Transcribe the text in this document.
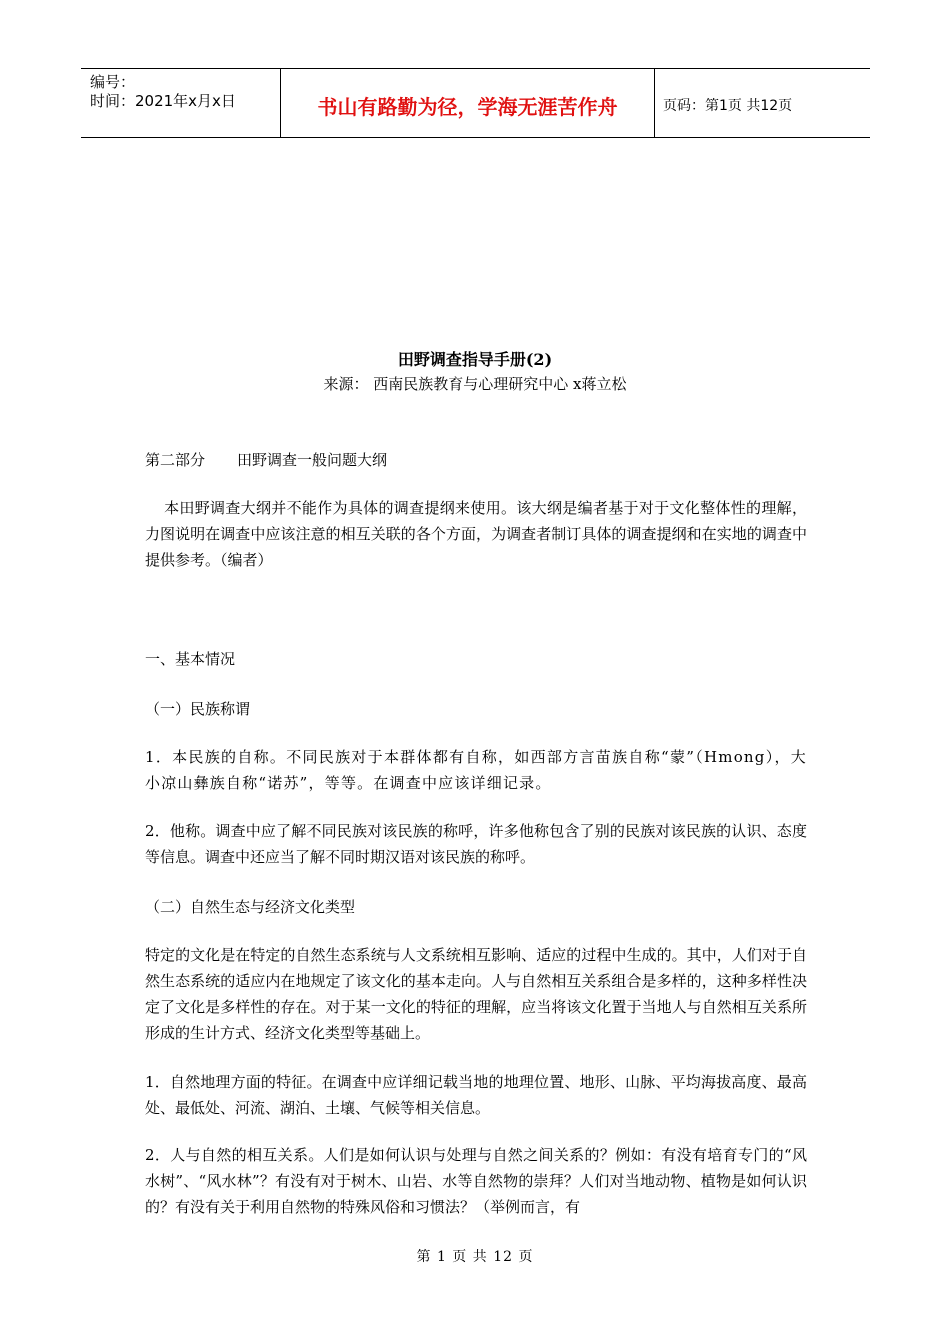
编号：
时间：2021年x月x日	书山有路勤为径，学海无涯苦作舟	页码：第1页 共12页
田野调查指导手册(2)
来源： 西南民族教育与心理研究中心 x蒋立松
第二部分 田野调查一般问题大纲

本田野调查大纲并不能作为具体的调查提纲来使用。该大纲是编者基于对于文化整体性的理解，力图说明在调查中应该注意的相互关联的各个方面，为调查者制订具体的调查提纲和在实地的调查中提供参考。（编者）

一、基本情况
（一）民族称谓

1．本民族的自称。不同民族对于本群体都有自称，如西部方言苗族自称“蒙”（Hmong），大小凉山彝族自称“诺苏”，等等。在调查中应该详细记录。

2．他称。调查中应了解不同民族对该民族的称呼，许多他称包含了别的民族对该民族的认识、态度等信息。调查中还应当了解不同时期汉语对该民族的称呼。

（二）自然生态与经济文化类型

特定的文化是在特定的自然生态系统与人文系统相互影响、适应的过程中生成的。其中，人们对于自然生态系统的适应内在地规定了该文化的基本走向。人与自然相互关系组合是多样的，这种多样性决定了文化是多样性的存在。对于某一文化的特征的理解，应当将该文化置于当地人与自然相互关系所形成的生计方式、经济文化类型等基础上。

1．自然地理方面的特征。在调查中应详细记载当地的地理位置、地形、山脉、平均海拔高度、最高处、最低处、河流、湖泊、土壤、气候等相关信息。

2．人与自然的相互关系。人们是如何认识与处理与自然之间关系的？例如：有没有培育专门的“风水树”、“风水林”？有没有对于树木、山岩、水等自然物的崇拜？人们对当地动物、植物是如何认识的？有没有关于利用自然物的特殊风俗和习惯法？（举例而言，有

第 1 页 共 12 页
